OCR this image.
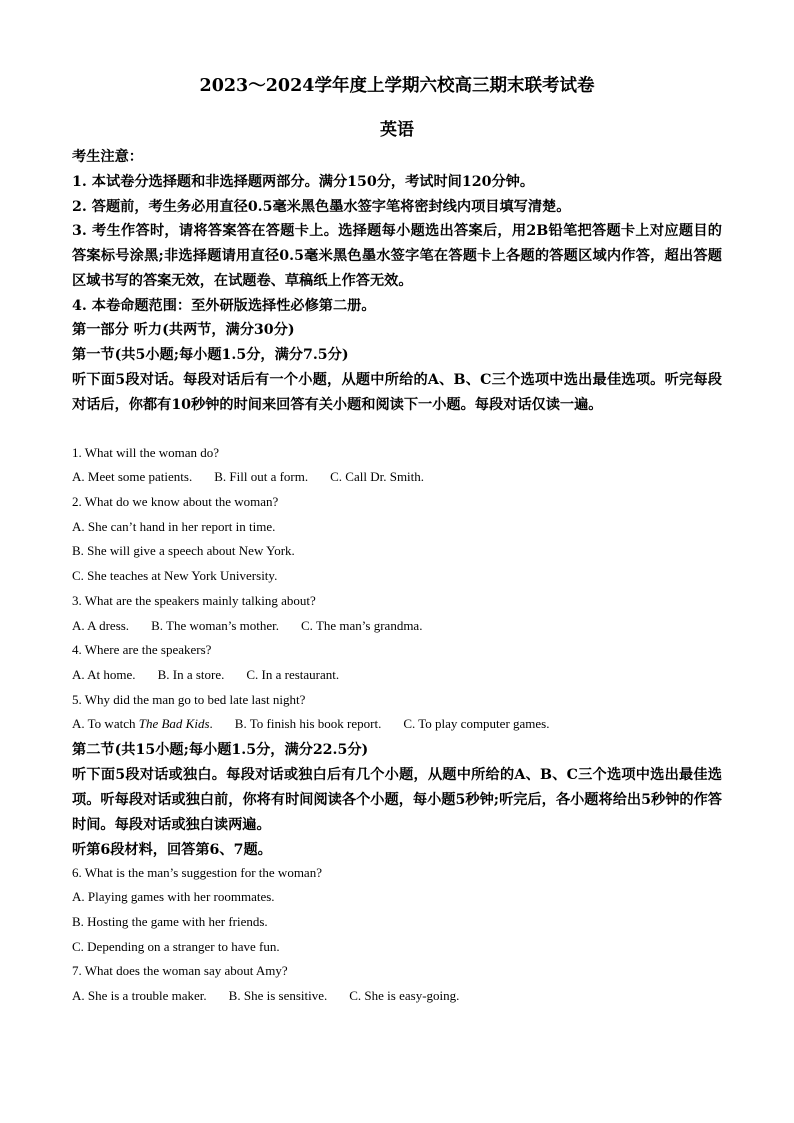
2023～2024学年度上学期六校高三期末联考试卷
英语
考生注意：
1. 本试卷分选择题和非选择题两部分。满分150分，考试时间120分钟。
2. 答题前，考生务必用直径0.5毫米黑色墨水签字笔将密封线内项目填写清楚。
3. 考生作答时，请将答案答在答题卡上。选择题每小题选出答案后，用2B铅笔把答题卡上对应题目的答案标号涂黑;非选择题请用直径0.5毫米黑色墨水签字笔在答题卡上各题的答题区域内作答，超出答题区域书写的答案无效，在试题卷、草稿纸上作答无效。
4. 本卷命题范围：至外研版选择性必修第二册。
第一部分 听力(共两节，满分30分)
第一节(共5小题;每小题1.5分，满分7.5分)
听下面5段对话。每段对话后有一个小题，从题中所给的A、B、C三个选项中选出最佳选项。听完每段对话后，你都有10秒钟的时间来回答有关小题和阅读下一小题。每段对话仅读一遍。
1. What will the woman do?
A. Meet some patients. B. Fill out a form. C. Call Dr. Smith.
2. What do we know about the woman?
A. She can’t hand in her report in time.
B. She will give a speech about New York.
C. She teaches at New York University.
3. What are the speakers mainly talking about?
A. A dress. B. The woman’s mother. C. The man’s grandma.
4. Where are the speakers?
A. At home. B. In a store. C. In a restaurant.
5. Why did the man go to bed late last night?
A. To watch The Bad Kids. B. To finish his book report. C. To play computer games.
第二节(共15小题;每小题1.5分，满分22.5分)
听下面5段对话或独白。每段对话或独白后有几个小题，从题中所给的A、B、C三个选项中选出最佳选项。听每段对话或独白前，你将有时间阅读各个小题，每小题5秒钟;听完后，各小题将给出5秒钟的作答时间。每段对话或独白读两遍。
听第6段材料，回答第6、7题。
6. What is the man’s suggestion for the woman?
A. Playing games with her roommates.
B. Hosting the game with her friends.
C. Depending on a stranger to have fun.
7. What does the woman say about Amy?
A. She is a trouble maker. B. She is sensitive. C. She is easy-going.
